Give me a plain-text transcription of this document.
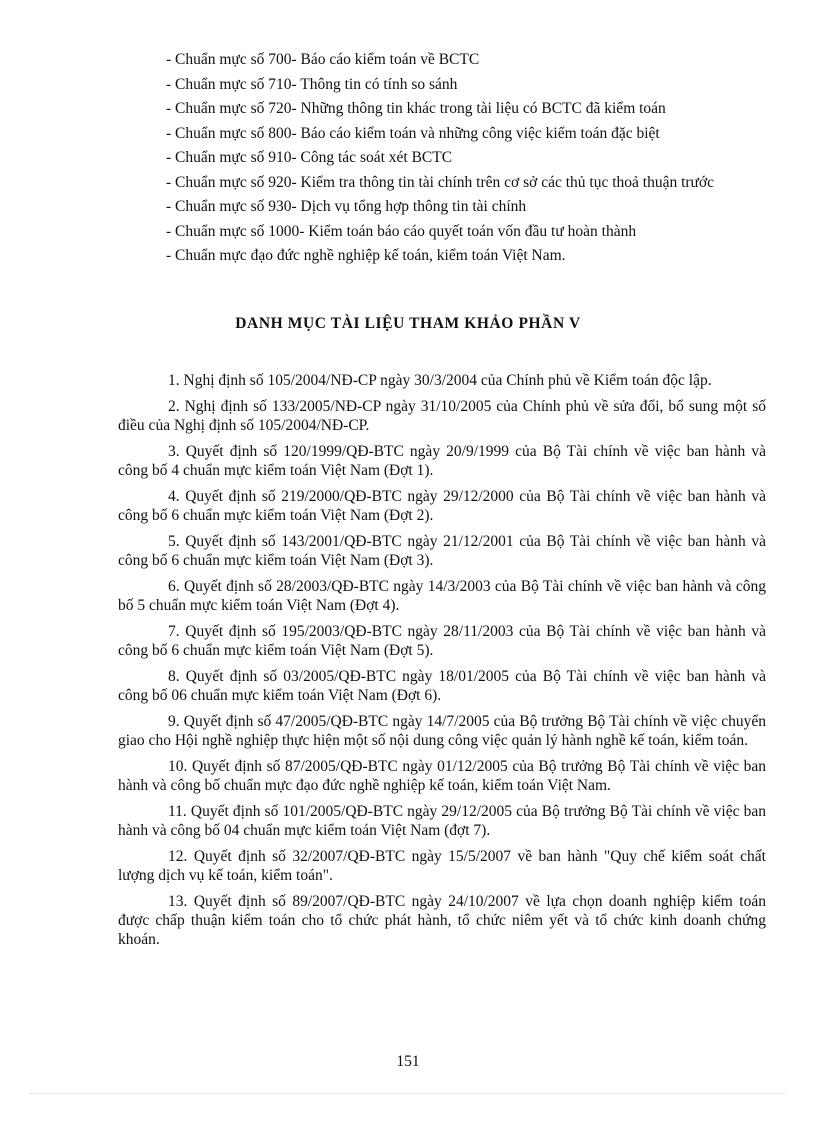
- Chuẩn mực số 700 - Báo cáo kiểm toán về BCTC
- Chuẩn mực số 710 - Thông tin có tính so sánh
- Chuẩn mực số 720 - Những thông tin khác trong tài liệu có BCTC đã kiểm toán
- Chuẩn mực số 800 - Báo cáo kiểm toán và những công việc kiểm toán đặc biệt
- Chuẩn mực số 910 - Công tác soát xét BCTC
- Chuẩn mực số 920 - Kiểm tra thông tin tài chính trên cơ sở các thủ tục thoả thuận trước
- Chuẩn mực số 930 - Dịch vụ tổng hợp thông tin tài chính
- Chuẩn mực số 1000 - Kiểm toán báo cáo quyết toán vốn đầu tư hoàn thành
- Chuẩn mực đạo đức nghề nghiệp kế toán, kiểm toán Việt Nam.
DANH MỤC TÀI LIỆU THAM KHẢO PHẦN V

1. Nghị định số 105/2004/NĐ-CP ngày 30/3/2004 của Chính phủ về Kiểm toán độc lập.

2. Nghị định số 133/2005/NĐ-CP ngày 31/10/2005 của Chính phủ về sửa đổi, bổ sung một số điều của Nghị định số 105/2004/NĐ-CP.

3. Quyết định số 120/1999/QĐ-BTC ngày 20/9/1999 của Bộ Tài chính về việc ban hành và công bố 4 chuẩn mực kiểm toán Việt Nam (Đợt 1).

4. Quyết định số 219/2000/QĐ-BTC ngày 29/12/2000 của Bộ Tài chính về việc ban hành và công bố 6 chuẩn mực kiểm toán Việt Nam (Đợt 2).

5. Quyết định số 143/2001/QĐ-BTC ngày 21/12/2001 của Bộ Tài chính về việc ban hành và công bố 6 chuẩn mực kiểm toán Việt Nam (Đợt 3).

6. Quyết định số 28/2003/QĐ-BTC ngày 14/3/2003 của Bộ Tài chính về việc ban hành và công bố 5 chuẩn mực kiểm toán Việt Nam (Đợt 4).

7. Quyết định số 195/2003/QĐ-BTC ngày 28/11/2003 của Bộ Tài chính về việc ban hành và công bố 6 chuẩn mực kiểm toán Việt Nam (Đợt 5).

8. Quyết định số 03/2005/QĐ-BTC ngày 18/01/2005 của Bộ Tài chính về việc ban hành và công bố 06 chuẩn mực kiểm toán Việt Nam (Đợt 6).

9. Quyết định số 47/2005/QĐ-BTC ngày 14/7/2005 của Bộ trưởng Bộ Tài chính về việc chuyển giao cho Hội nghề nghiệp thực hiện một số nội dung công việc quản lý hành nghề kế toán, kiểm toán.

10. Quyết định số 87/2005/QĐ-BTC ngày 01/12/2005 của Bộ trưởng Bộ Tài chính về việc ban hành và công bố chuẩn mực đạo đức nghề nghiệp kế toán, kiểm toán Việt Nam.

11. Quyết định số 101/2005/QĐ-BTC ngày 29/12/2005 của Bộ trưởng Bộ Tài chính về việc ban hành và công bố 04 chuẩn mực kiểm toán Việt Nam (đợt 7).

12. Quyết định số 32/2007/QĐ-BTC ngày 15/5/2007 về ban hành "Quy chế kiểm soát chất lượng dịch vụ kế toán, kiểm toán".

13. Quyết định số 89/2007/QĐ-BTC ngày 24/10/2007 về lựa chọn doanh nghiệp kiểm toán được chấp thuận kiểm toán cho tổ chức phát hành, tổ chức niêm yết và tổ chức kinh doanh chứng khoán.

151
